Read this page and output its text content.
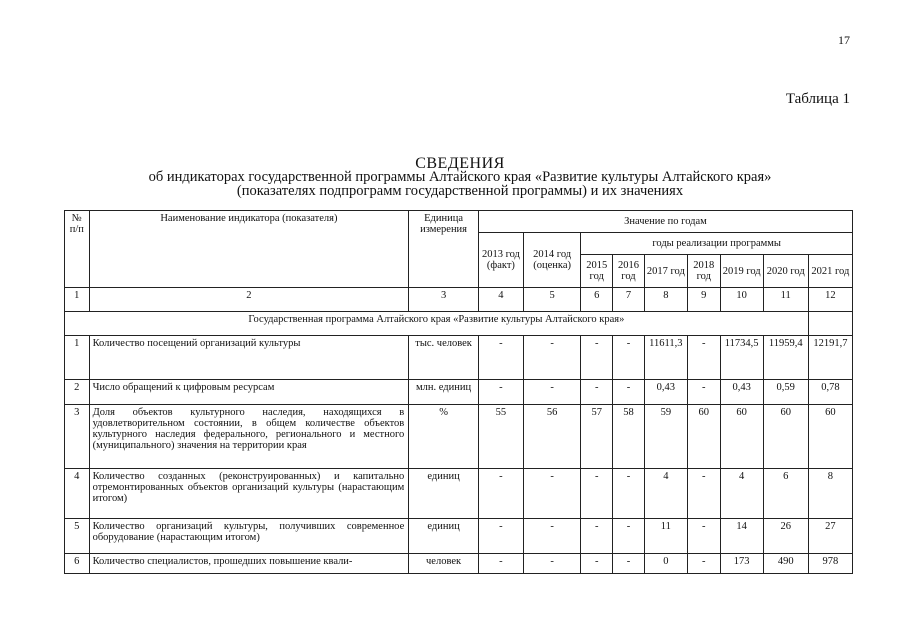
17
Таблица 1
СВЕДЕНИЯ
об индикаторах государственной программы Алтайского края «Развитие культуры Алтайского края»
(показателях подпрограмм государственной программы) и их значениях
№ п/п	Наименование индикатора (показателя)	Единица измерения	Значение по годам								
			2013 год (факт)	2014 год (оценка)	годы реализации программы						
					2015 год	2016 год	2017 год	2018 год	2019 год	2020 год	2021 год
1	2	3	4	5	6	7	8	9	10	11	12
Государственная программа Алтайского края «Развитие культуры Алтайского края»											
1	Количество посещений организаций культуры	тыс. человек	-	-	-	-	11611,3	-	11734,5	11959,4	12191,7
2	Число обращений к цифровым ресурсам	млн. единиц	-	-	-	-	0,43	-	0,43	0,59	0,78
3	Доля объектов культурного наследия, находящихся в удовлетворительном состоянии, в общем количестве объектов культурного наследия федерального, регионального и местного (муниципального) значения на территории края	%	55	56	57	58	59	60	60	60	60
4	Количество созданных (реконструированных) и капитально отремонтированных объектов организаций культуры (нарастающим итогом)	единиц	-	-	-	-	4	-	4	6	8
5	Количество организаций культуры, получивших современное оборудование (нарастающим итогом)	единиц	-	-	-	-	11	-	14	26	27
6	Количество специалистов, прошедших повышение квали-	человек	-	-	-	-	0	-	173	490	978
